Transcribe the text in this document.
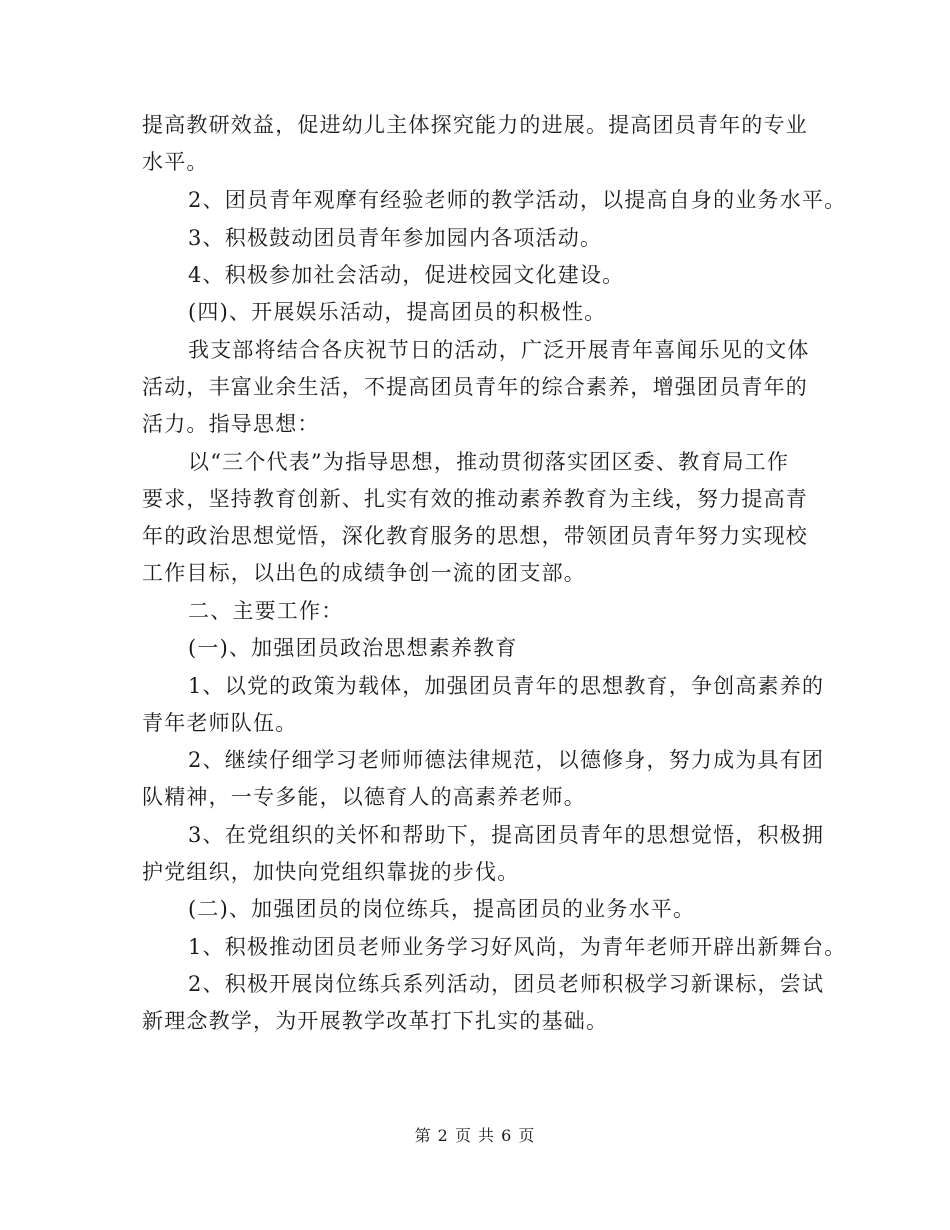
提高教研效益，促进幼儿主体探究能力的进展。提高团员青年的专业
水平。
2、团员青年观摩有经验老师的教学活动，以提高自身的业务水平。
3、积极鼓动团员青年参加园内各项活动。
4、积极参加社会活动，促进校园文化建设。
(四)、开展娱乐活动，提高团员的积极性。
我支部将结合各庆祝节日的活动，广泛开展青年喜闻乐见的文体
活动，丰富业余生活，不提高团员青年的综合素养，增强团员青年的
活力。指导思想：
以“三个代表”为指导思想，推动贯彻落实团区委、教育局工作
要求，坚持教育创新、扎实有效的推动素养教育为主线，努力提高青
年的政治思想觉悟，深化教育服务的思想，带领团员青年努力实现校
工作目标，以出色的成绩争创一流的团支部。
二、主要工作：
(一)、加强团员政治思想素养教育
1、以党的政策为载体，加强团员青年的思想教育，争创高素养的
青年老师队伍。
2、继续仔细学习老师师德法律规范，以德修身，努力成为具有团
队精神，一专多能，以德育人的高素养老师。
3、在党组织的关怀和帮助下，提高团员青年的思想觉悟，积极拥
护党组织，加快向党组织靠拢的步伐。
(二)、加强团员的岗位练兵，提高团员的业务水平。
1、积极推动团员老师业务学习好风尚，为青年老师开辟出新舞台。
2、积极开展岗位练兵系列活动，团员老师积极学习新课标，尝试
新理念教学，为开展教学改革打下扎实的基础。
第 2 页 共 6 页
